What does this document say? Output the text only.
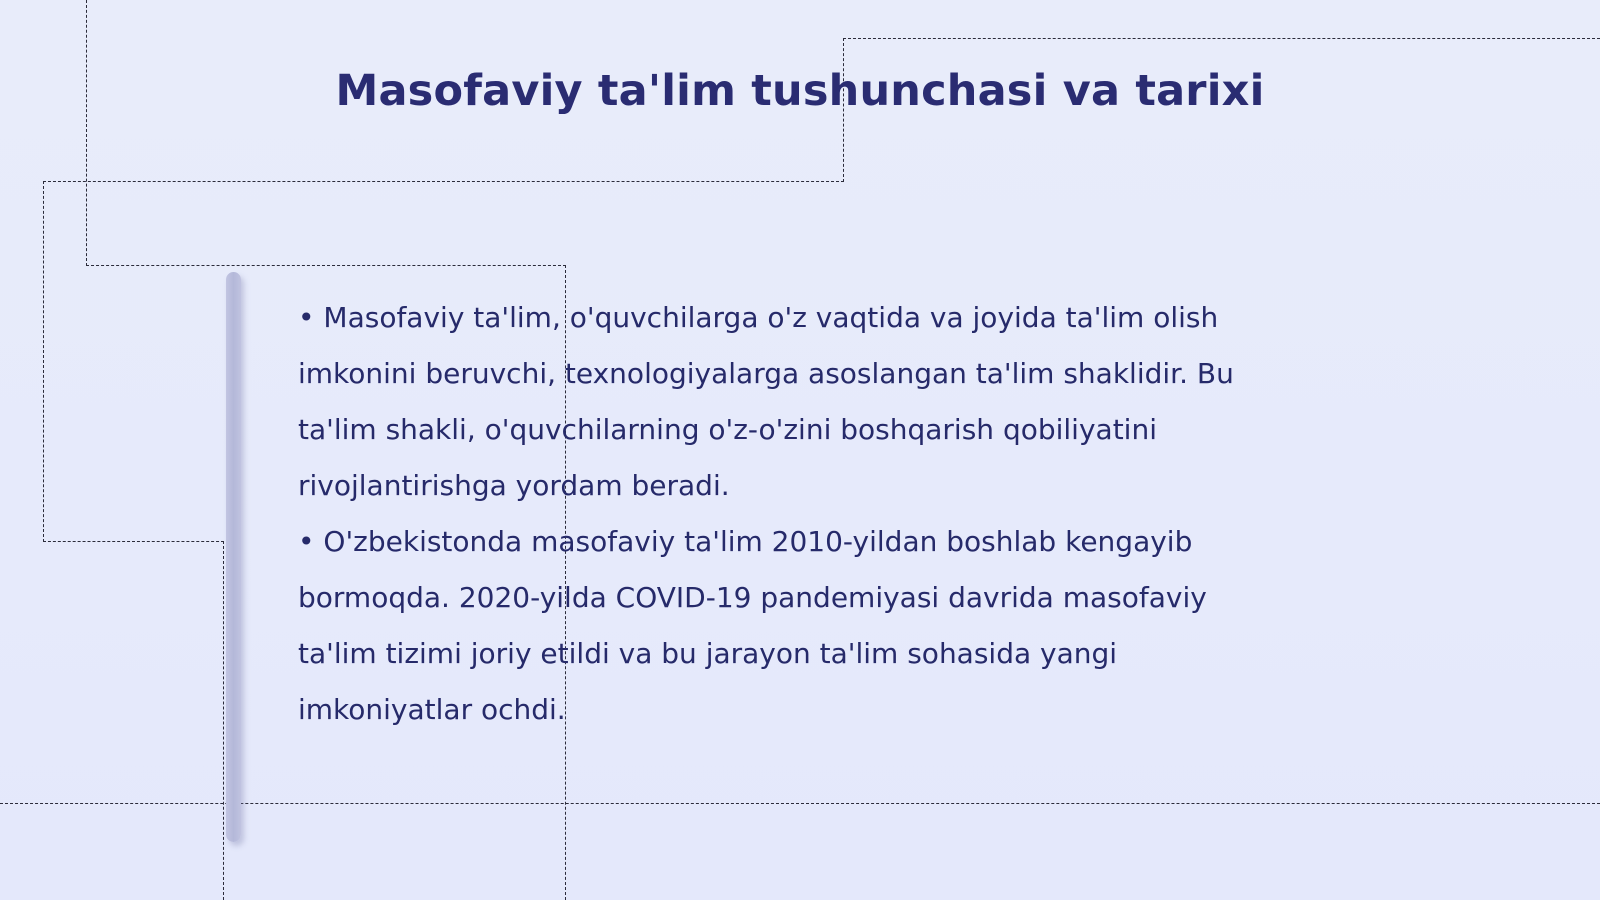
Masofaviy ta'lim tushunchasi va tarixi

• Masofaviy ta'lim, o'quvchilarga o'z vaqtida va joyida ta'lim olish imkonini beruvchi, texnologiyalarga asoslangan ta'lim shaklidir. Bu ta'lim shakli, o'quvchilarning o'z-o'zini boshqarish qobiliyatini rivojlantirishga yordam beradi.

• O'zbekistonda masofaviy ta'lim 2010-yildan boshlab kengayib bormoqda. 2020-yilda COVID-19 pandemiyasi davrida masofaviy ta'lim tizimi joriy etildi va bu jarayon ta'lim sohasida yangi imkoniyatlar ochdi.
